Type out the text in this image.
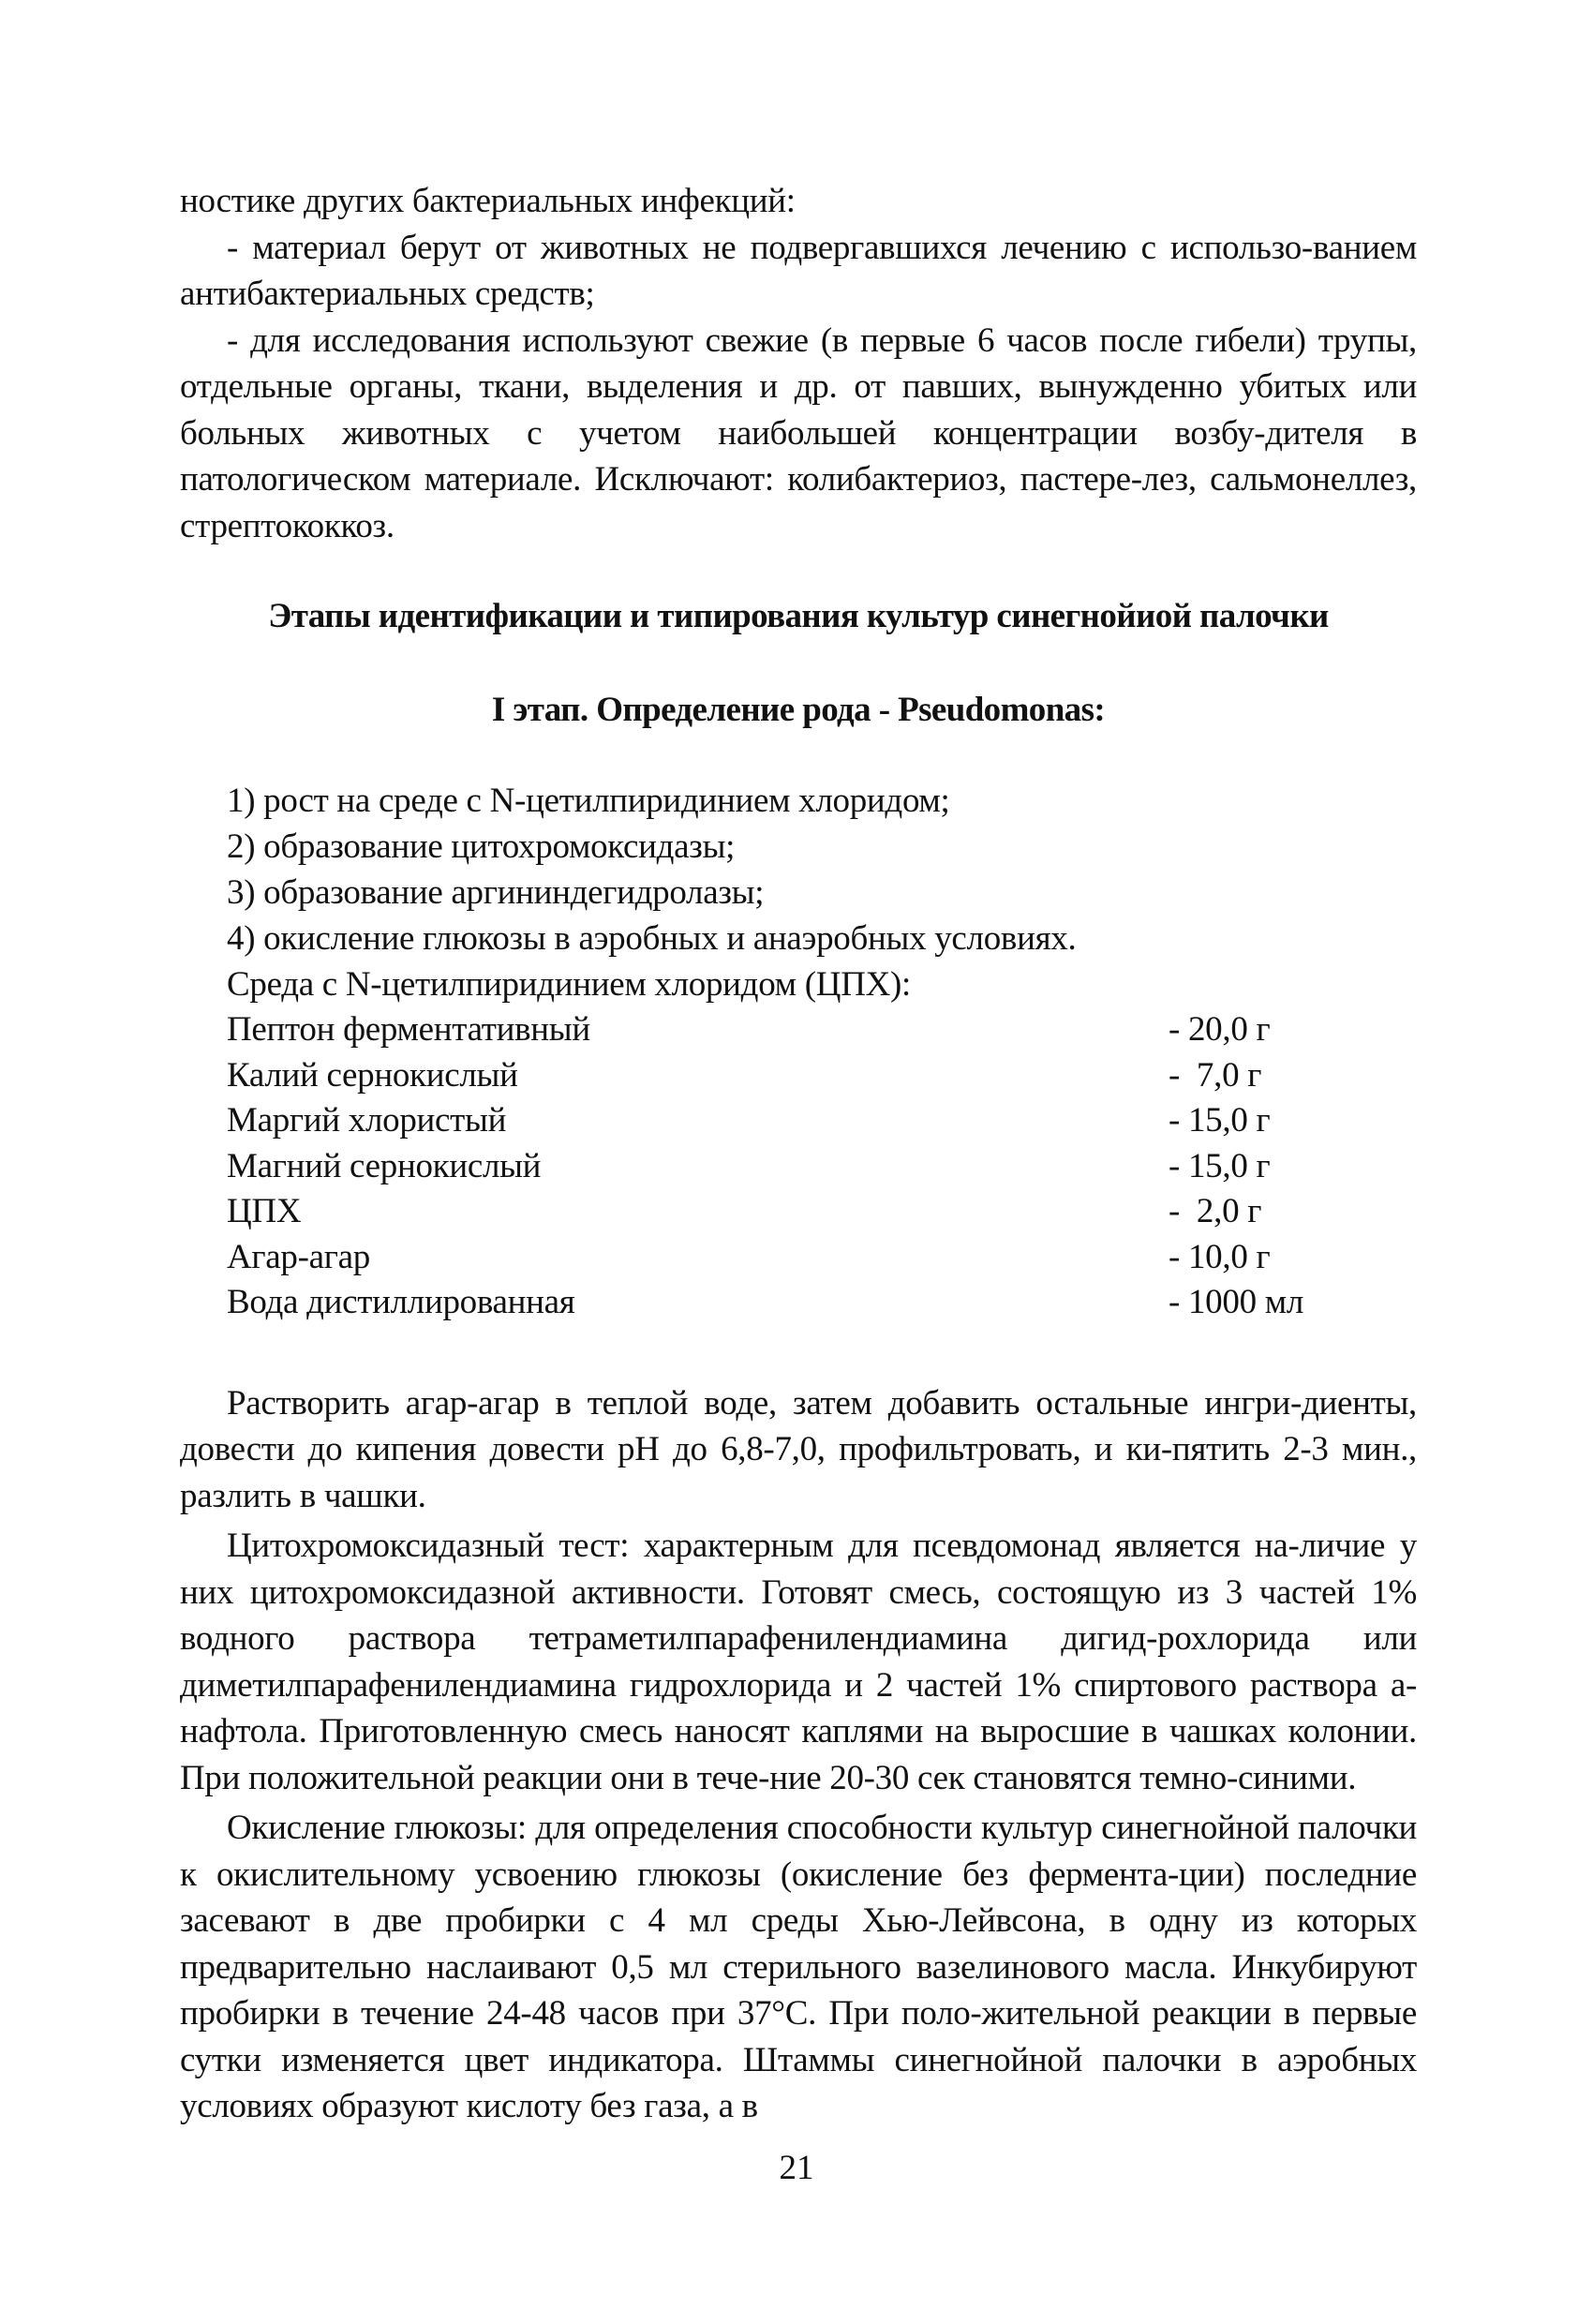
ностике других бактериальных инфекций:

- материал берут от животных не подвергавшихся лечению с использо-ванием антибактериальных средств;

- для исследования используют свежие (в первые 6 часов после гибели) трупы, отдельные органы, ткани, выделения и др. от павших, вынужденно убитых или больных животных с учетом наибольшей концентрации возбу-дителя в патологическом материале. Исключают: колибактериоз, пастере-лез, сальмонеллез, стрептококкоз.

Этапы идентификации и типирования культур синегнойиой палочки

I этап. Определение рода - Pseudomonas:

1) рост на среде с N-цетилпиридинием хлоридом;
2) образование цитохромоксидазы;
3) образование аргининдегидролазы;
4) окисление глюкозы в аэробных и анаэробных условиях.

Среда с N-цетилпиридинием хлоридом (ЦПХ):

Пептон ферментативный	- 20,0 г
Калий сернокислый	-  7,0 г
Маргий хлористый	- 15,0 г
Магний сернокислый	- 15,0 г
ЦПХ	-  2,0 г
Агар-агар	- 10,0 г
Вода дистиллированная	- 1000 мл

Растворить агар-агар в теплой воде, затем добавить остальные ингри-диенты, довести до кипения довести рН до 6,8-7,0, профильтровать, и ки-пятить 2-3 мин., разлить в чашки.

Цитохромоксидазный тест: характерным для псевдомонад является на-личие у них цитохромоксидазной активности. Готовят смесь, состоящую из 3 частей 1% водного раствора тетраметилпарафенилендиамина дигид-рохлорида или диметилпарафенилендиамина гидрохлорида и 2 частей 1% спиртового раствора а-нафтола. Приготовленную смесь наносят каплями на выросшие в чашках колонии. При положительной реакции они в тече-ние 20-30 сек становятся темно-синими.

Окисление глюкозы: для определения способности культур синегнойной палочки к окислительному усвоению глюкозы (окисление без фермента-ции) последние засевают в две пробирки с 4 мл среды Хью-Лейвсона, в одну из которых предварительно наслаивают 0,5 мл стерильного вазелинового масла. Инкубируют пробирки в течение 24-48 часов при 37°С. При поло-жительной реакции в первые сутки изменяется цвет индикатора. Штаммы синегнойной палочки в аэробных условиях образуют кислоту без газа, а в

21
